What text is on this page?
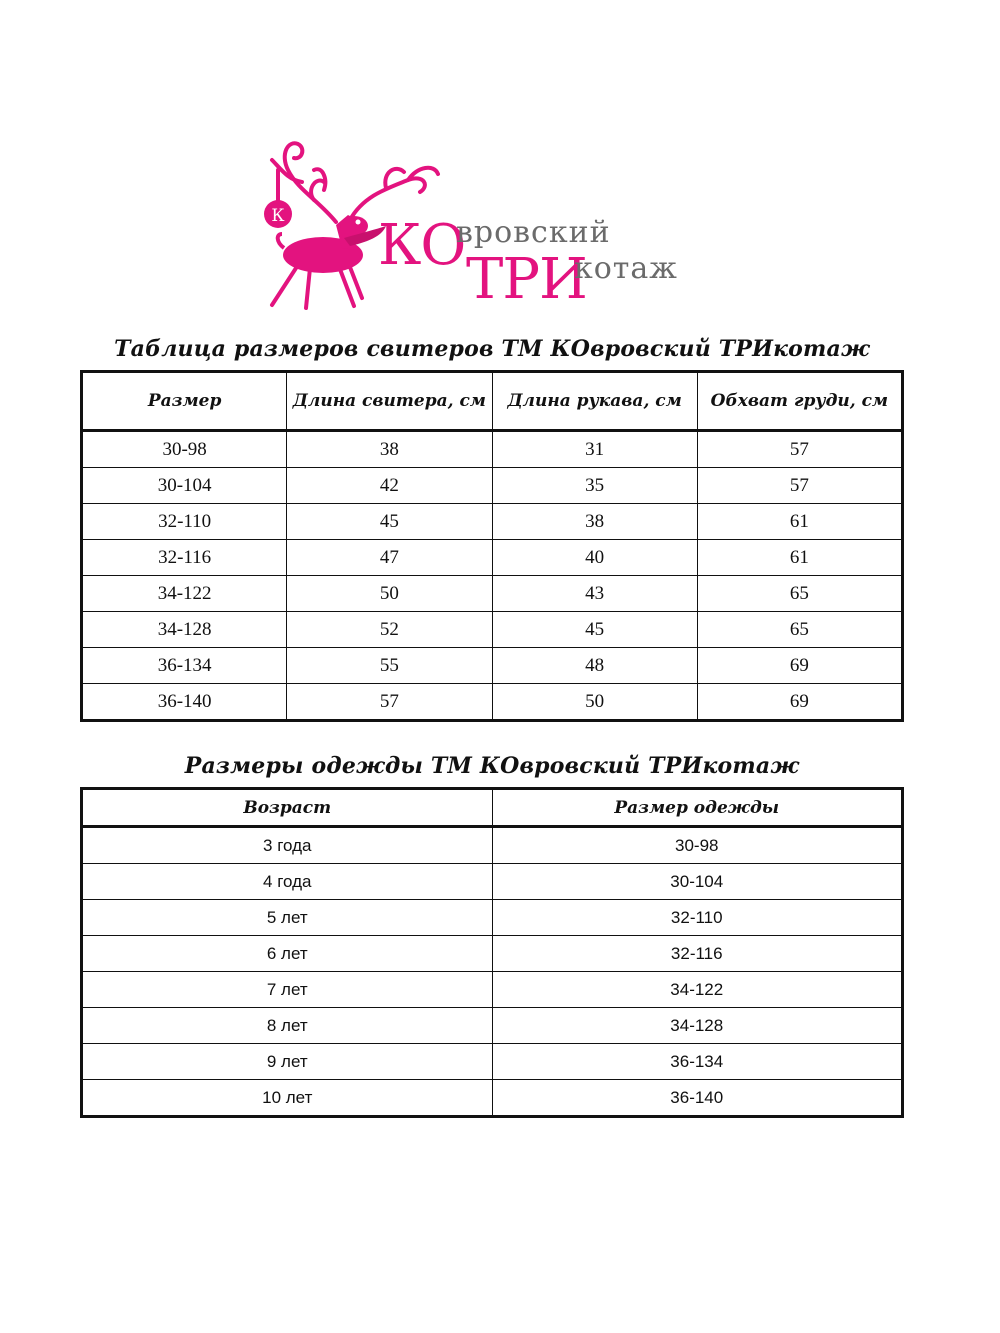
К КО
вровский
ТРИ
котаж
Таблица размеров свитеров ТМ КОвровский ТРИкотаж
Размер	Длина свитера, см	Длина рукава, см	Обхват груди, см
30-98	38	31	57
30-104	42	35	57
32-110	45	38	61
32-116	47	40	61
34-122	50	43	65
34-128	52	45	65
36-134	55	48	69
36-140	57	50	69
Размеры одежды ТМ КОвровский ТРИкотаж
Возраст	Размер одежды
3 года	30-98
4 года	30-104
5 лет	32-110
6 лет	32-116
7 лет	34-122
8 лет	34-128
9 лет	36-134
10 лет	36-140
